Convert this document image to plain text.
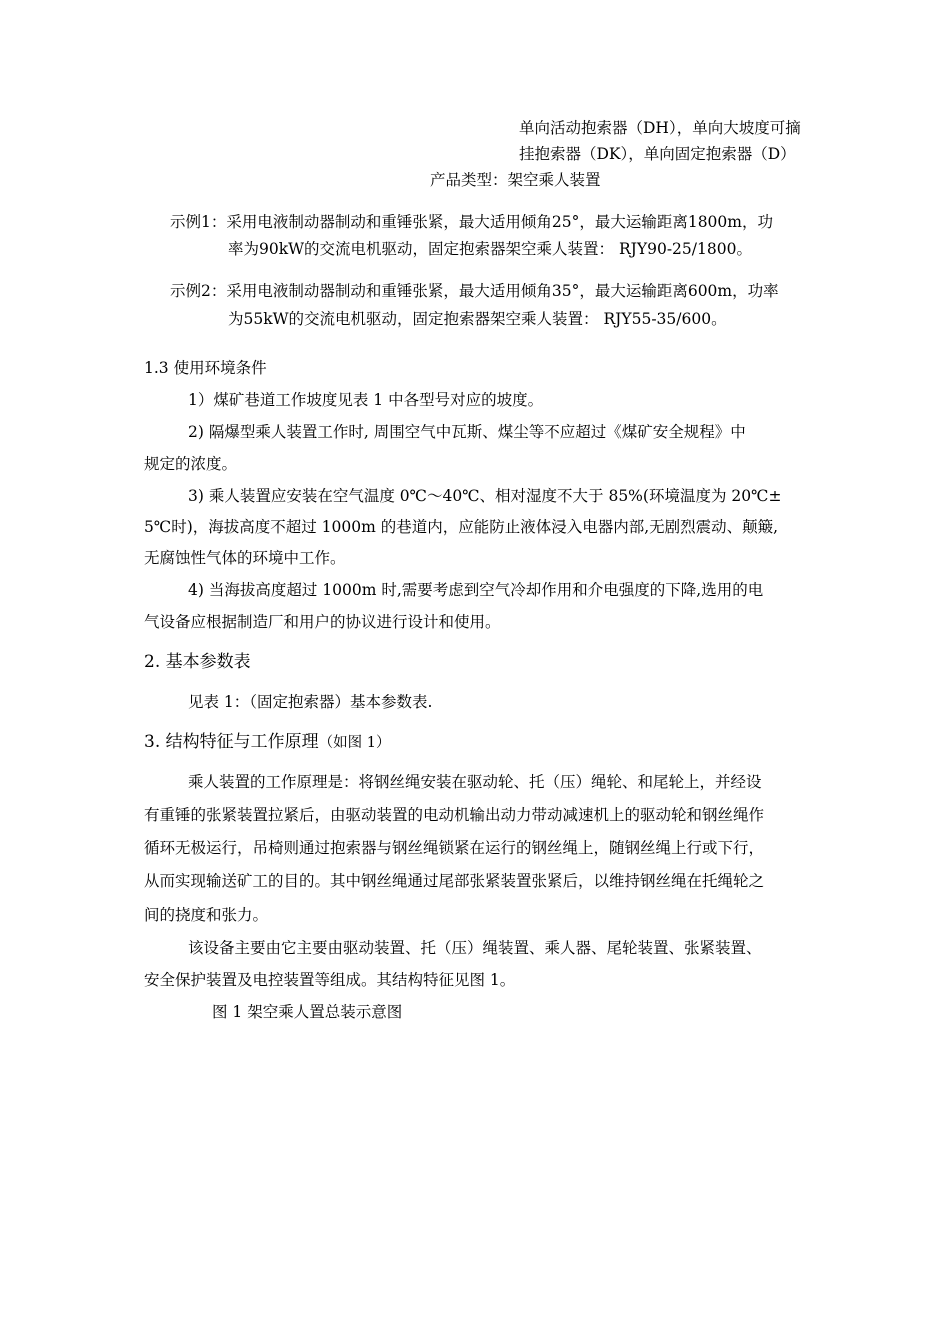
单向活动抱索器（DH），单向大坡度可摘
挂抱索器（DK），单向固定抱索器（D）
产品类型：架空乘人装置
示例1：采用电液制动器制动和重锤张紧，最大适用倾角25°，最大运输距离1800m，功
率为90kW的交流电机驱动，固定抱索器架空乘人装置： RJY90-25/1800。
示例2：采用电液制动器制动和重锤张紧，最大适用倾角35°，最大运输距离600m，功率
为55kW的交流电机驱动，固定抱索器架空乘人装置： RJY55-35/600。
1.3 使用环境条件
1）煤矿巷道工作坡度见表 1 中各型号对应的坡度。
2) 隔爆型乘人装置工作时, 周围空气中瓦斯、煤尘等不应超过《煤矿安全规程》中
规定的浓度。
3) 乘人装置应安装在空气温度 0℃～40℃、相对湿度不大于 85%(环境温度为 20℃±
5℃时)，海拔高度不超过 1000m 的巷道内，应能防止液体浸入电器内部,无剧烈震动、颠簸,
无腐蚀性气体的环境中工作。
4) 当海拔高度超过 1000m 时,需要考虑到空气冷却作用和介电强度的下降,选用的电
气设备应根据制造厂和用户的协议进行设计和使用。
2. 基本参数表
见表 1：（固定抱索器）基本参数表.
3. 结构特征与工作原理（如图 1）
乘人装置的工作原理是：将钢丝绳安装在驱动轮、托（压）绳轮、和尾轮上，并经设
有重锤的张紧装置拉紧后，由驱动装置的电动机输出动力带动减速机上的驱动轮和钢丝绳作
循环无极运行，吊椅则通过抱索器与钢丝绳锁紧在运行的钢丝绳上，随钢丝绳上行或下行，
从而实现输送矿工的目的。其中钢丝绳通过尾部张紧装置张紧后，以维持钢丝绳在托绳轮之
间的挠度和张力。
该设备主要由它主要由驱动装置、托（压）绳装置、乘人器、尾轮装置、张紧装置、
安全保护装置及电控装置等组成。其结构特征见图 1。
图 1 架空乘人置总装示意图
